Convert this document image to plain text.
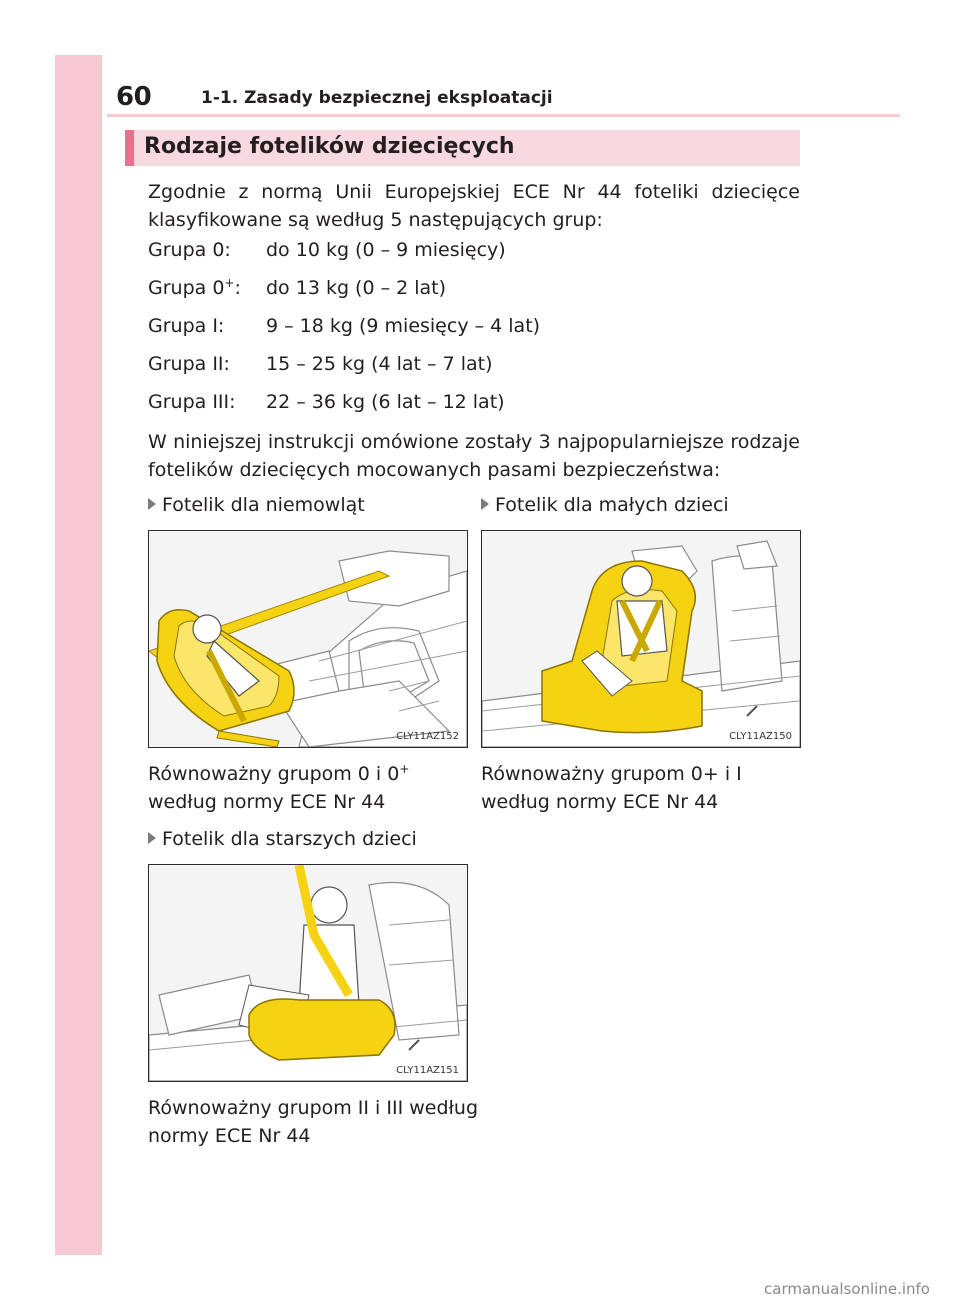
60	1-1. Zasady bezpiecznej eksploatacji
Rodzaje fotelików dziecięcych
Zgodnie z normą Unii Europejskiej ECE Nr 44 foteliki dziecięce klasyfikowane są według 5 następujących grup:
Grupa 0: do 10 kg (0 – 9 miesięcy)
Grupa 0+: do 13 kg (0 – 2 lat)
Grupa I: 9 – 18 kg (9 miesięcy – 4 lat)
Grupa II: 15 – 25 kg (4 lat – 7 lat)
Grupa III: 22 – 36 kg (6 lat – 12 lat)
W niniejszej instrukcji omówione zostały 3 najpopularniejsze rodzaje fotelików dziecięcych mocowanych pasami bezpieczeństwa:
Fotelik dla niemowląt
CLY11AZ152
Równoważny grupom 0 i 0+ według normy ECE Nr 44
Fotelik dla małych dzieci
CLY11AZ150
Równoważny grupom 0+ i I według normy ECE Nr 44
Fotelik dla starszych dzieci
CLY11AZ151
Równoważny grupom II i III według normy ECE Nr 44
carmanualsonline.info
